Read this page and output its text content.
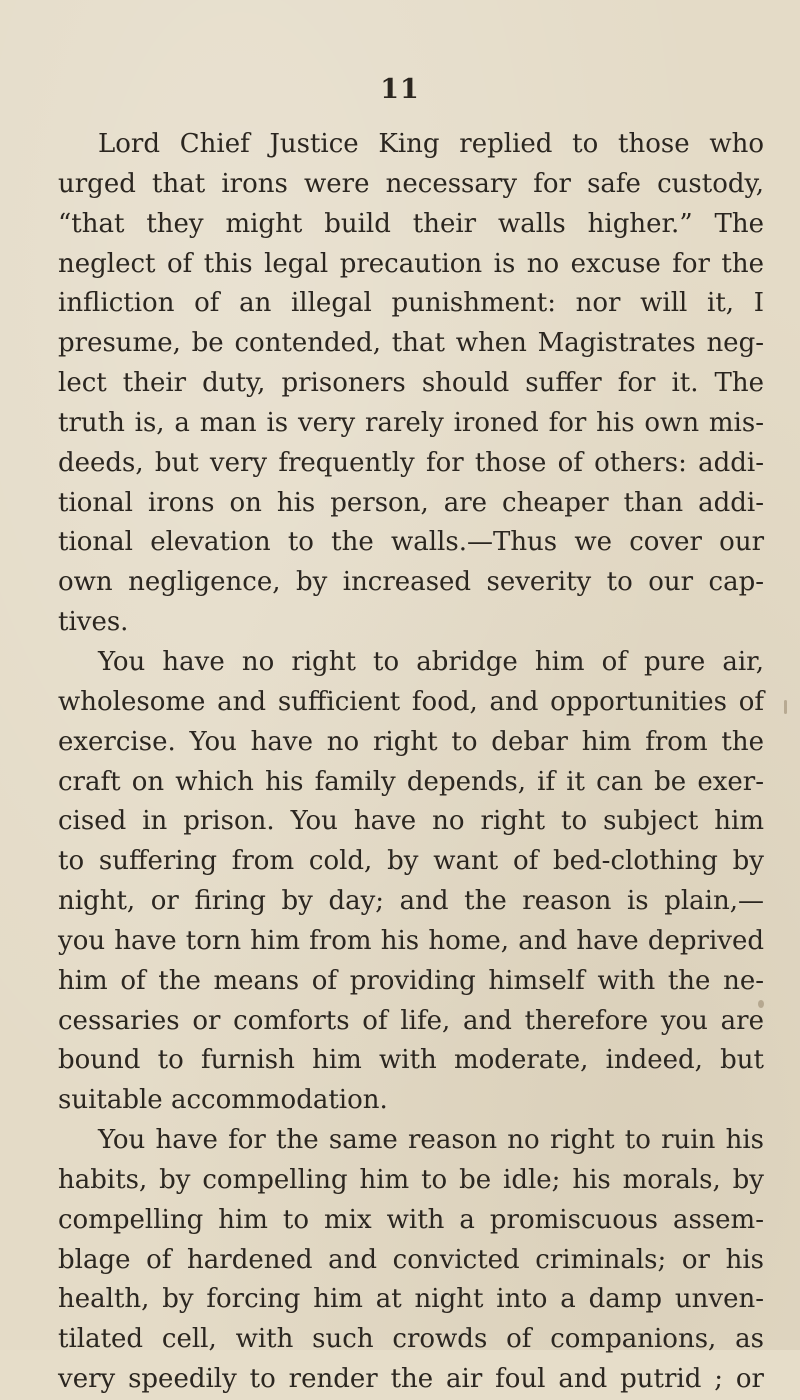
11
Lord Chief Justice King replied to those who
urged that irons were necessary for safe custody,
“that they might build their walls higher.” The
neglect of this legal precaution is no excuse for the
infliction of an illegal punishment: nor will it, I
presume, be contended, that when Magistrates neg-
lect their duty, prisoners should suffer for it. The
truth is, a man is very rarely ironed for his own mis-
deeds, but very frequently for those of others: addi-
tional irons on his person, are cheaper than addi-
tional elevation to the walls.—Thus we cover our
own negligence, by increased severity to our cap-
tives.
You have no right to abridge him of pure air,
wholesome and sufficient food, and opportunities of
exercise. You have no right to debar him from the
craft on which his family depends, if it can be exer-
cised in prison. You have no right to subject him
to suffering from cold, by want of bed-clothing by
night, or firing by day; and the reason is plain,—
you have torn him from his home, and have deprived
him of the means of providing himself with the ne-
cessaries or comforts of life, and therefore you are
bound to furnish him with moderate, indeed, but
suitable accommodation.
You have for the same reason no right to ruin his
habits, by compelling him to be idle; his morals, by
compelling him to mix with a promiscuous assem-
blage of hardened and convicted criminals; or his
health, by forcing him at night into a damp unven-
tilated cell, with such crowds of companions, as
very speedily to render the air foul and putrid ; or
